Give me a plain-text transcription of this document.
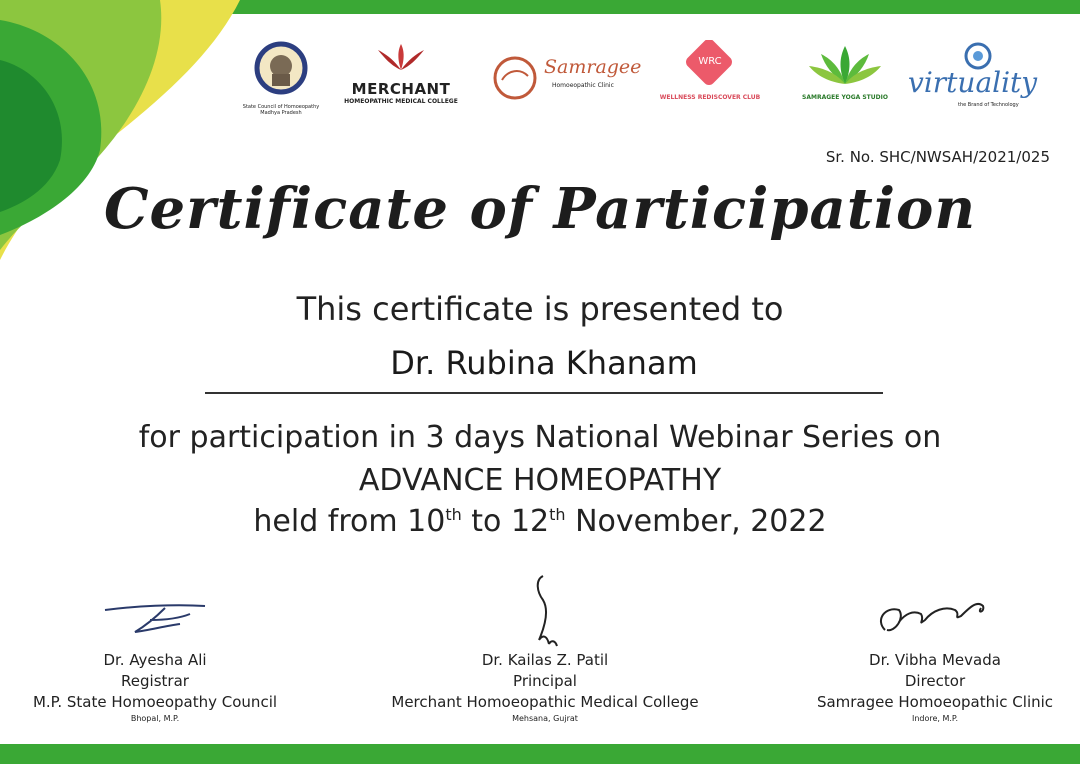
State Council of Homoeopathy Madhya Pradesh
MERCHANT
HOMEOPATHIC MEDICAL COLLEGE
Samragee
Homoeopathic Clinic
WRC
WELLNESS REDISCOVER CLUB	SAMRAGEE YOGA STUDIO virtuality
the Brand of Technology
Sr. No. SHC/NWSAH/2021/025
Certificate of Participation
This certificate is presented to
Dr. Rubina Khanam
for participation in 3 days National Webinar Series on
ADVANCE HOMEOPATHY
held from 10th to 12th November, 2022
Dr. Ayesha Ali
Registrar
M.P. State Homoeopathy Council
Bhopal, M.P.
Dr. Kailas Z. Patil
Principal
Merchant Homoeopathic Medical College
Mehsana, Gujrat
Dr. Vibha Mevada
Director
Samragee Homoeopathic Clinic
Indore, M.P.
